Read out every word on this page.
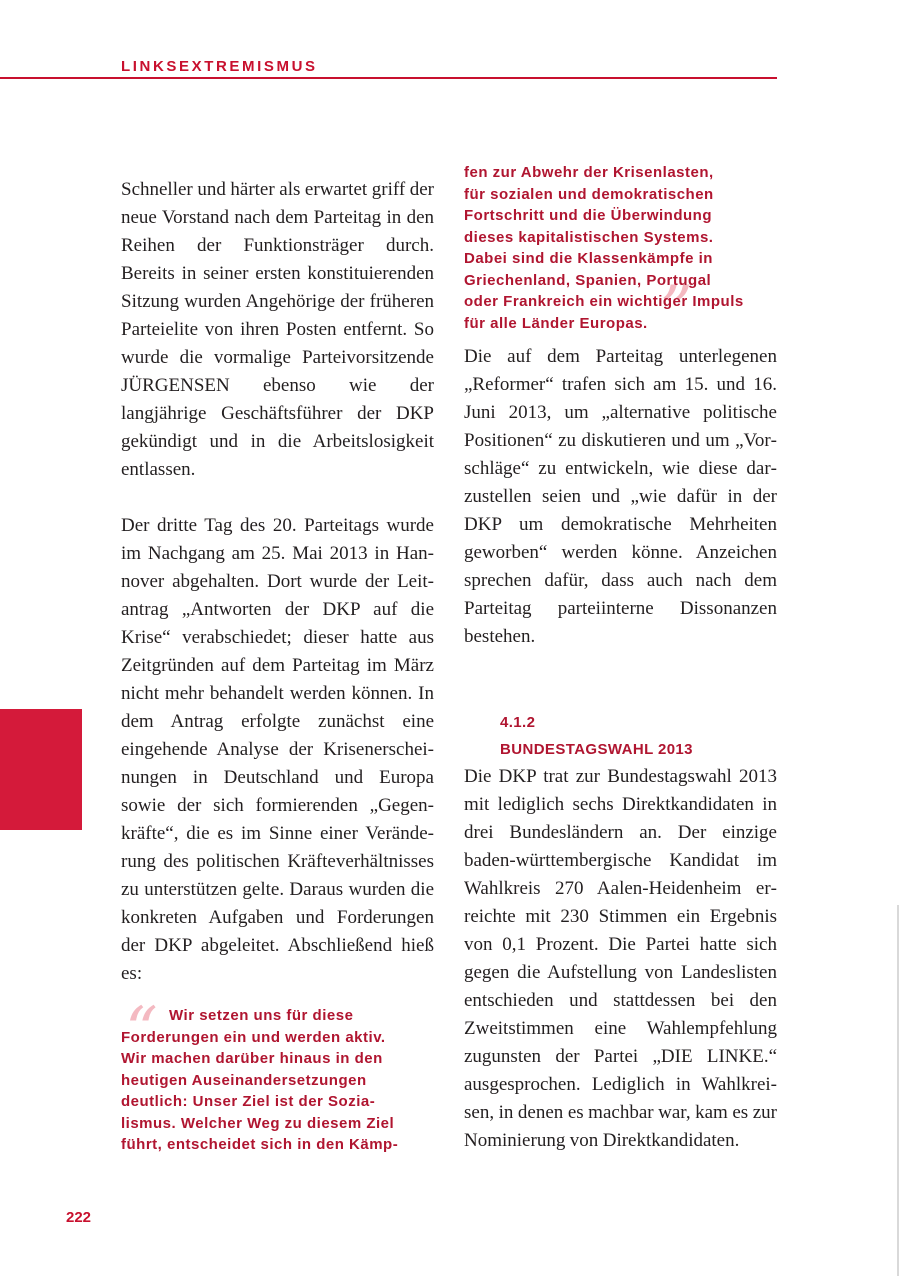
LINKSEXTREMISMUS

Schneller und härter als erwartet griff der neue Vorstand nach dem Parteitag in den Reihen der Funktionsträger durch. Bereits in seiner ersten konstituierenden Sitzung wurden Angehörige der früheren Parteielite von ihren Posten entfernt. So wurde die vormalige Parteivorsitzende JÜRGENSEN ebenso wie der langjährige Geschäftsführer der DKP gekündigt und in die Arbeitslosigkeit entlassen.

Der dritte Tag des 20. Parteitags wurde im Nachgang am 25. Mai 2013 in Hannover abgehalten. Dort wurde der Leitantrag „Antworten der DKP auf die Krise“ verabschiedet; dieser hatte aus Zeitgründen auf dem Parteitag im März nicht mehr behandelt werden können. In dem Antrag erfolgte zunächst eine eingehende Analyse der Krisenerscheinungen in Deutschland und Europa sowie der sich formierenden „Gegenkräfte“, die es im Sinne einer Veränderung des politischen Kräfteverhältnisses zu unterstützen gelte. Daraus wurden die konkreten Aufgaben und Forderungen der DKP abgeleitet. Abschließend hieß es:

“ Wir setzen uns für diese
Forderungen ein und werden aktiv.
Wir machen darüber hinaus in den
heutigen Auseinandersetzungen
deutlich: Unser Ziel ist der Sozia-
lismus. Welcher Weg zu diesem Ziel
führt, entscheidet sich in den Kämp-
”
fen zur Abwehr der Krisenlasten,
für sozialen und demokratischen
Fortschritt und die Überwindung
dieses kapitalistischen Systems.
Dabei sind die Klassenkämpfe in
Griechenland, Spanien, Portugal
oder Frankreich ein wichtiger Impuls
für alle Länder Europas.

Die auf dem Parteitag unterlegenen „Reformer“ trafen sich am 15. und 16. Juni 2013, um „alternative politische Positionen“ zu diskutieren und um „Vorschläge“ zu entwickeln, wie diese darzustellen seien und „wie dafür in der DKP um demokratische Mehrheiten geworben“ werden könne. Anzeichen sprechen dafür, dass auch nach dem Parteitag parteiinterne Dissonanzen bestehen.

4.1.2
BUNDESTAGSWAHL 2013

Die DKP trat zur Bundestagswahl 2013 mit lediglich sechs Direktkandidaten in drei Bundesländern an. Der einzige baden-württembergische Kandidat im Wahlkreis 270 Aalen-Heidenheim erreichte mit 230 Stimmen ein Ergebnis von 0,1 Prozent. Die Partei hatte sich gegen die Aufstellung von Landeslisten entschieden und stattdessen bei den Zweitstimmen eine Wahlempfehlung zugunsten der Partei „DIE LINKE.“ ausgesprochen. Lediglich in Wahlkreisen, in denen es machbar war, kam es zur Nominierung von Direktkandidaten.

222
